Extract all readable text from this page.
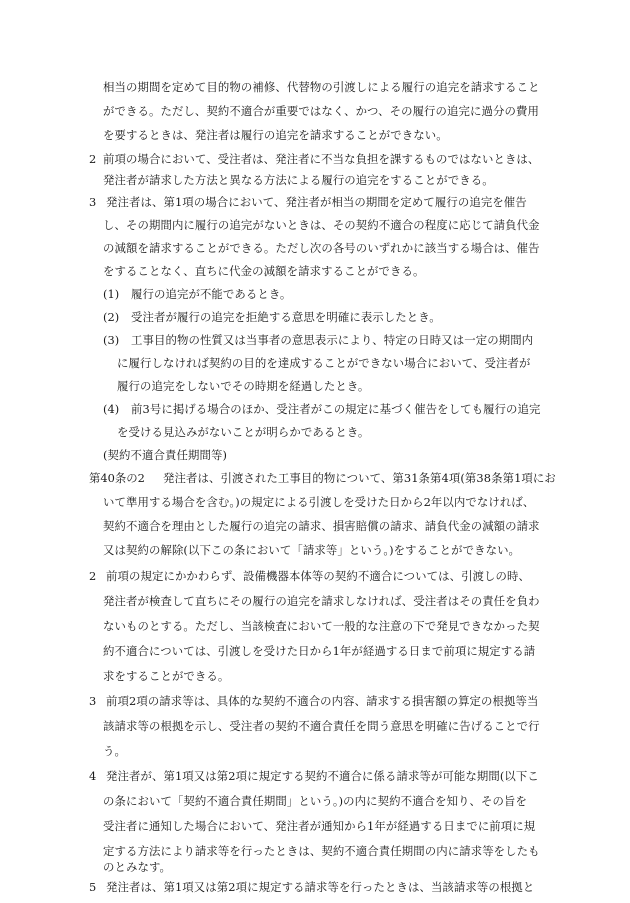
相当の期間を定めて目的物の補修、代替物の引渡しによる履行の追完を請求すること
ができる。ただし、契約不適合が重要ではなく、かつ、その履行の追完に過分の費用
を要するときは、発注者は履行の追完を請求することができない。
2 前項の場合において、受注者は、発注者に不当な負担を課するものではないときは、
発注者が請求した方法と異なる方法による履行の追完をすることができる。
3 発注者は、第1項の場合において、発注者が相当の期間を定めて履行の追完を催告
し、その期間内に履行の追完がないときは、その契約不適合の程度に応じて請負代金
の減額を請求することができる。ただし次の各号のいずれかに該当する場合は、催告
をすることなく、直ちに代金の減額を請求することができる。
(1) 履行の追完が不能であるとき。
(2) 受注者が履行の追完を拒絶する意思を明確に表示したとき。
(3) 工事目的物の性質又は当事者の意思表示により、特定の日時又は一定の期間内
に履行しなければ契約の目的を達成することができない場合において、受注者が
履行の追完をしないでその時期を経過したとき。
(4) 前3号に掲げる場合のほか、受注者がこの規定に基づく催告をしても履行の追完
を受ける見込みがないことが明らかであるとき。
(契約不適合責任期間等)
第40条の2 発注者は、引渡された工事目的物について、第31条第4項(第38条第1項にお
いて準用する場合を含む。)の規定による引渡しを受けた日から2年以内でなければ、
契約不適合を理由とした履行の追完の請求、損害賠償の請求、請負代金の減額の請求
又は契約の解除(以下この条において「請求等」という。)をすることができない。
2 前項の規定にかかわらず、設備機器本体等の契約不適合については、引渡しの時、
発注者が検査して直ちにその履行の追完を請求しなければ、受注者はその責任を負わ
ないものとする。ただし、当該検査において一般的な注意の下で発見できなかった契
約不適合については、引渡しを受けた日から1年が経過する日まで前項に規定する請
求をすることができる。
3 前項2項の請求等は、具体的な契約不適合の内容、請求する損害額の算定の根拠等当
該請求等の根拠を示し、受注者の契約不適合責任を問う意思を明確に告げることで行
う。
4 発注者が、第1項又は第2項に規定する契約不適合に係る請求等が可能な期間(以下こ
の条において「契約不適合責任期間」という。)の内に契約不適合を知り、その旨を
受注者に通知した場合において、発注者が通知から1年が経過する日までに前項に規
定する方法により請求等を行ったときは、契約不適合責任期間の内に請求等をしたも
のとみなす。
5 発注者は、第1項又は第2項に規定する請求等を行ったときは、当該請求等の根拠と
